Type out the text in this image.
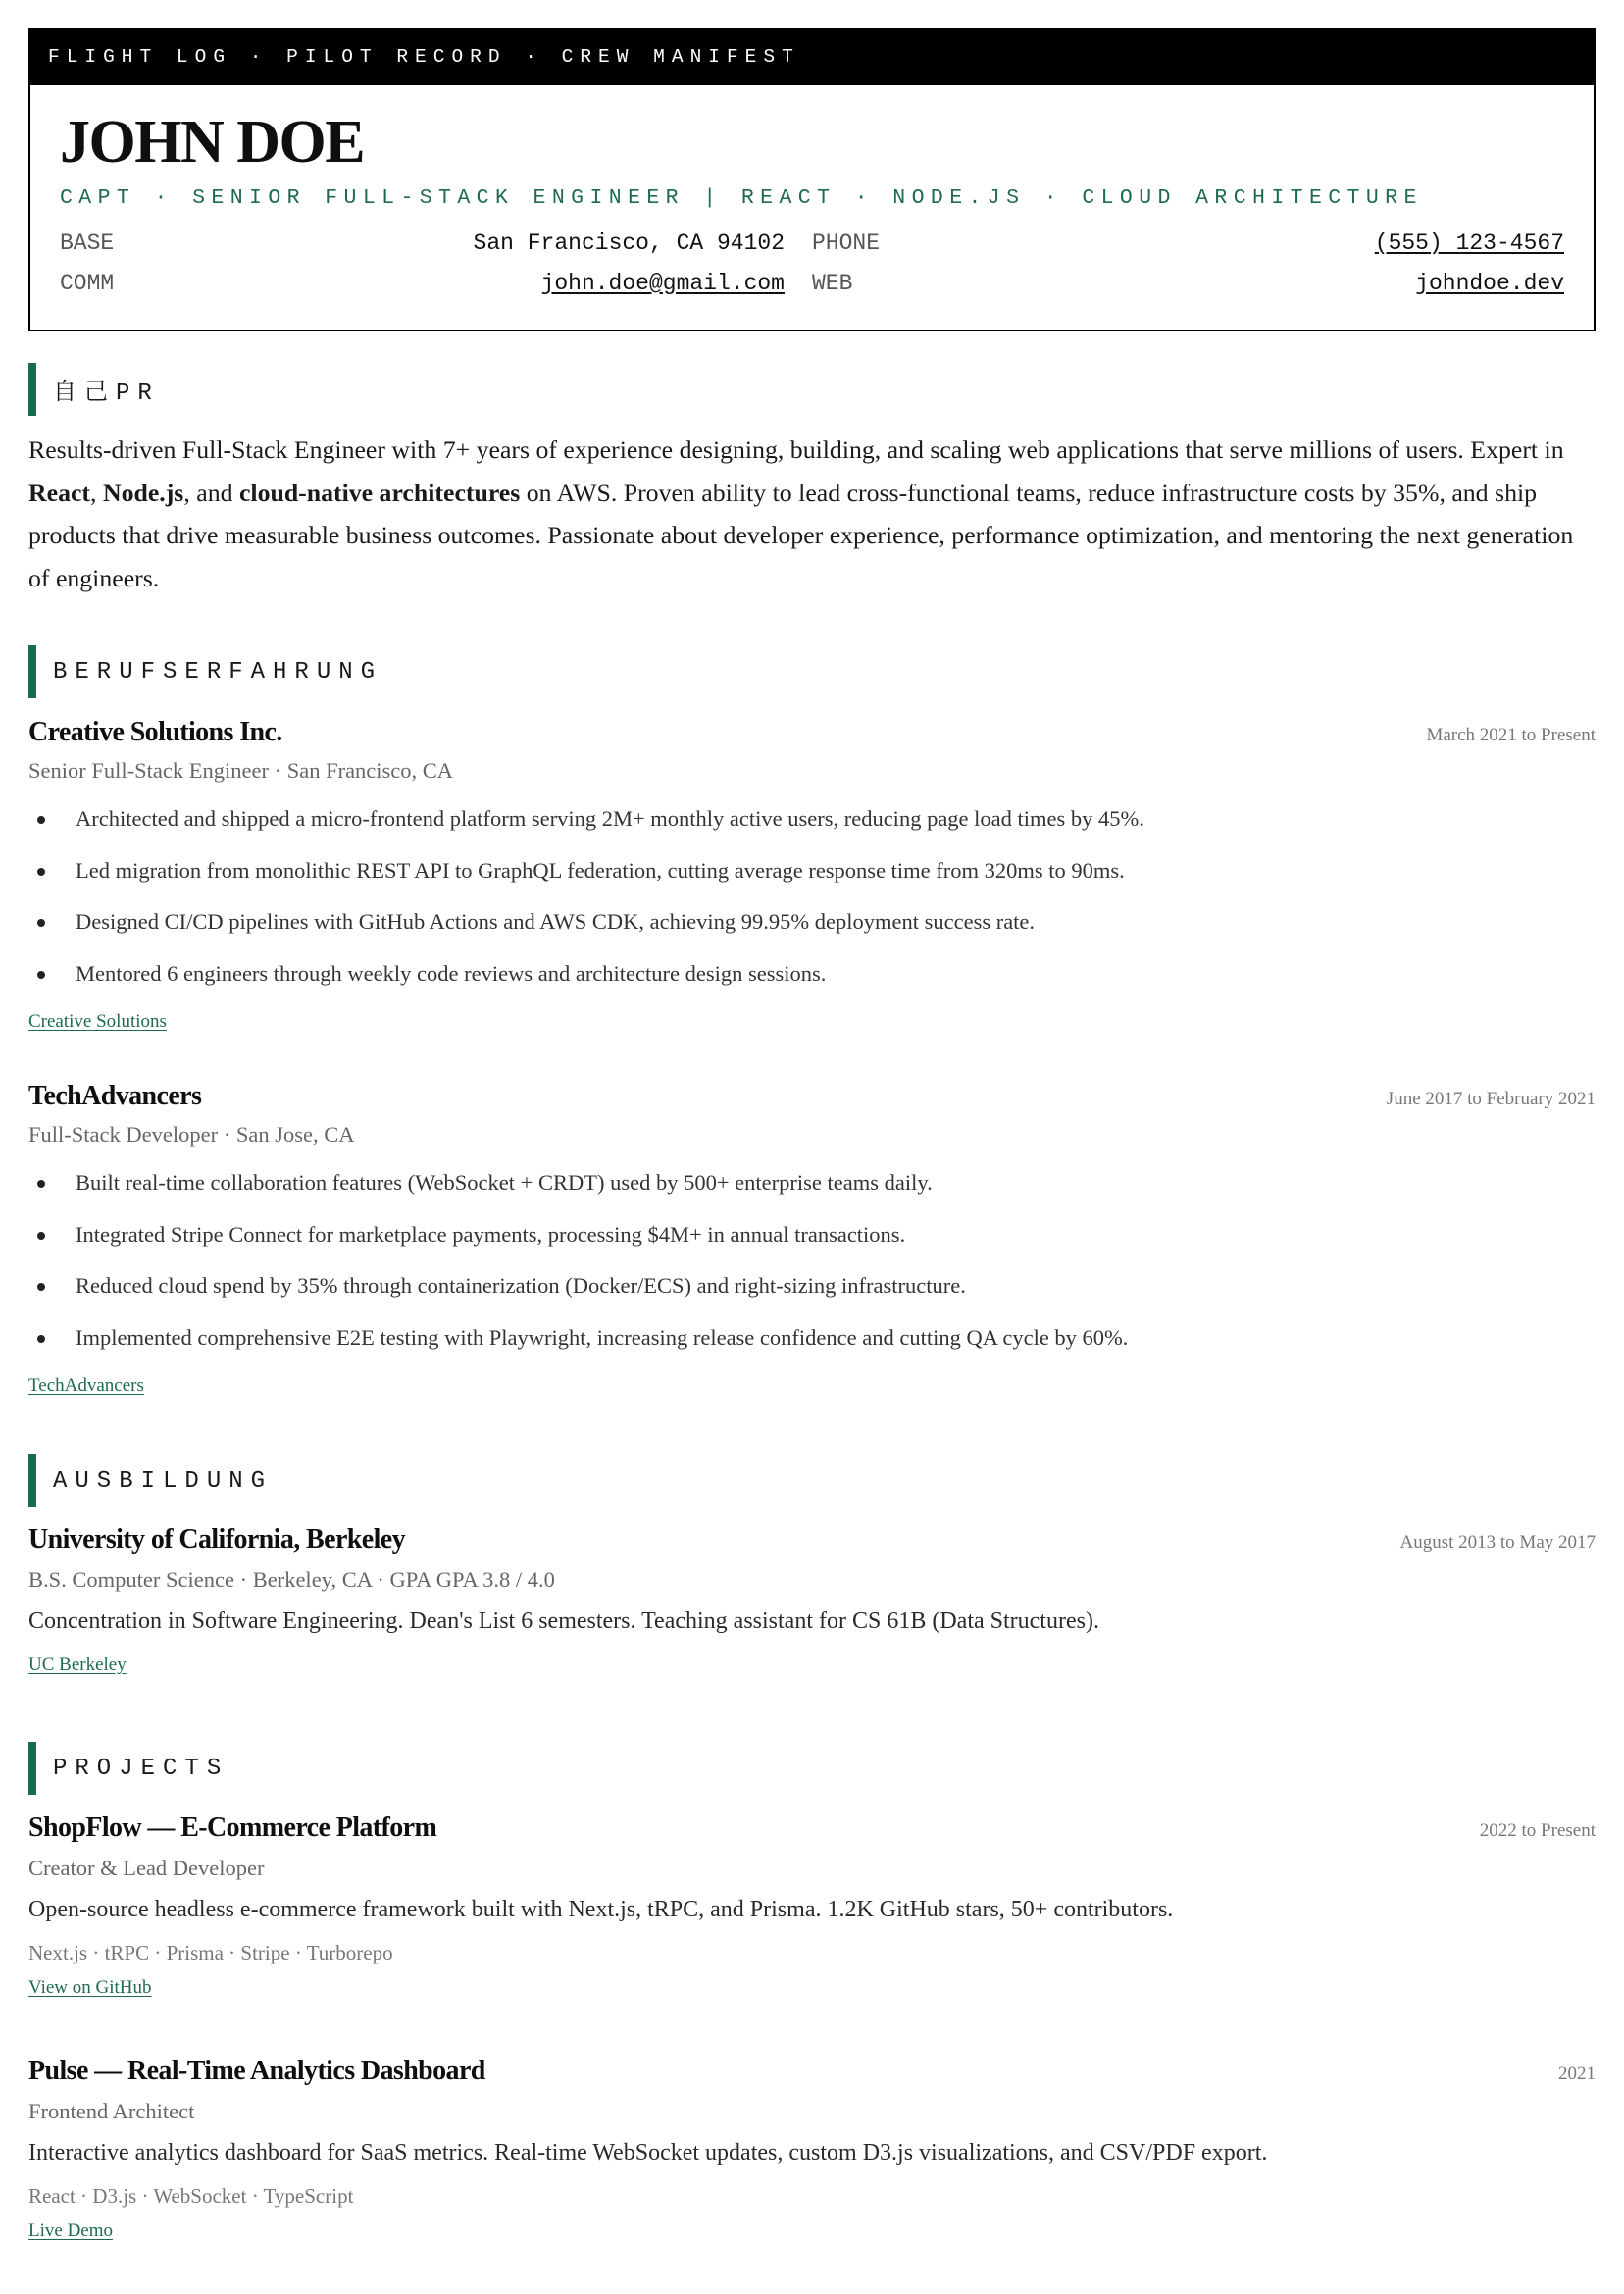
FLIGHT LOG · PILOT RECORD · CREW MANIFEST
JOHN DOE
CAPT · SENIOR FULL-STACK ENGINEER | REACT · NODE.JS · CLOUD ARCHITECTURE
BASE	San Francisco, CA 94102 PHONE	(555) 123-4567
COMM	john.doe@gmail.com WEB	johndoe.dev
自己PR

Results-driven Full-Stack Engineer with 7+ years of experience designing, building, and scaling web applications that serve millions of users. Expert in React, Node.js, and cloud-native architectures on AWS. Proven ability to lead cross-functional teams, reduce infrastructure costs by 35%, and ship products that drive measurable business outcomes. Passionate about developer experience, performance optimization, and mentoring the next generation of engineers.

BERUFSERFAHRUNG
Creative Solutions Inc.	March 2021 to Present
Senior Full-Stack Engineer · San Francisco, CA
Architected and shipped a micro-frontend platform serving 2M+ monthly active users, reducing page load times by 45%.
Led migration from monolithic REST API to GraphQL federation, cutting average response time from 320ms to 90ms.
Designed CI/CD pipelines with GitHub Actions and AWS CDK, achieving 99.95% deployment success rate.
Mentored 6 engineers through weekly code reviews and architecture design sessions.
Creative Solutions
TechAdvancers	June 2017 to February 2021
Full-Stack Developer · San Jose, CA
Built real-time collaboration features (WebSocket + CRDT) used by 500+ enterprise teams daily.
Integrated Stripe Connect for marketplace payments, processing $4M+ in annual transactions.
Reduced cloud spend by 35% through containerization (Docker/ECS) and right-sizing infrastructure.
Implemented comprehensive E2E testing with Playwright, increasing release confidence and cutting QA cycle by 60%.
TechAdvancers
AUSBILDUNG
University of California, Berkeley	August 2013 to May 2017
B.S. Computer Science · Berkeley, CA · GPA GPA 3.8 / 4.0
Concentration in Software Engineering. Dean's List 6 semesters. Teaching assistant for CS 61B (Data Structures).
UC Berkeley
PROJECTS
ShopFlow — E-Commerce Platform	2022 to Present
Creator & Lead Developer
Open-source headless e-commerce framework built with Next.js, tRPC, and Prisma. 1.2K GitHub stars, 50+ contributors.
Next.js · tRPC · Prisma · Stripe · Turborepo
View on GitHub
Pulse — Real-Time Analytics Dashboard	2021
Frontend Architect
Interactive analytics dashboard for SaaS metrics. Real-time WebSocket updates, custom D3.js visualizations, and CSV/PDF export.
React · D3.js · WebSocket · TypeScript
Live Demo
